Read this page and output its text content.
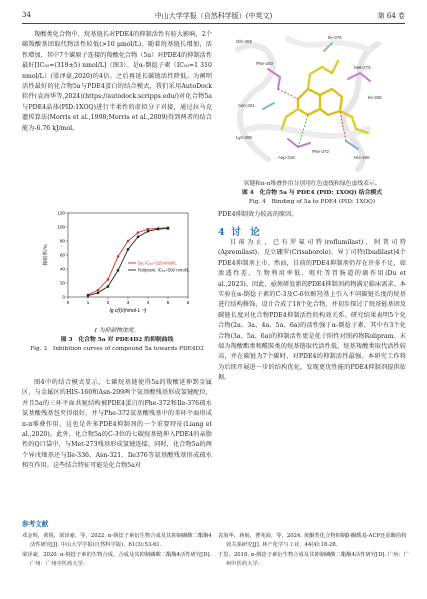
34	中山大学学报（自然科学版）(中英文)	第 64 卷

羧酸类化合物中，烷基链长对PDE4的抑制活性有较大影响，2个碳羧酸基团取代物活性较低(>10 μmol/L)，随着烷基链长增加，活性增加，其中7个碳原子连接的羧酸化合物（5a）对PDE4的抑制活性最好[IC₅₀=(319±5) nmol/L]（图3）。是α-倒捻子素（IC₅₀=1 310 nmol/L）(梁泽豪,2020)的4倍。之后再延长碳链活性降低。为阐明活性最好的化合物5a与PDE4蛋白的结合模式，我们采用AutoDock软件(袁海华等,2024)(https://autodock.scripps.edu/)对化合物5a与PDE4晶体(PID:1XOQ)进行半柔性的虚拟分子对接，通过拉马克遗传算法(Morris et al.,1998;Morris et al.,2009)得到两者的结合能为-6.76 kJ/mol。

0	1	2	3	4	5	6
0
20
40
60
80
100
120
lg c(I)/(nmol·L⁻¹)
抑制率/%	5a, IC₅₀=319 nmol/L
Rolipram, IC₅₀=590 nmol/L
I 为抑制物浓度。
图 3　化合物 5a 对 PDE4D2 的抑制曲线
Fig. 3　Inhibition curves of compound 5a towards PDE4D2

图4中的结合模式显示，七碳烷基链使得5a的羧酸延伸到金属区，与金属区的HIS-160和Asn-209两个氨基酸残基形成氢键配位，并且5a的三环平面共轭结构被PDE4蛋白的Phe-372和Ile-376疏水氨基酸残基包夹得很好，并与Phe-372氨基酸残基中的苯环平面形成π-π堆叠作用，这也是许多PDE4抑制剂的一个重要特征(Liang et al.,2020)。此外，化合物5a的C-3位的七碳烷基链伸入PDE4的亲脂性的Q口袋中，与Met-273残基形成氢键连接。同时，化合物5a的两个异戊烯基还与Ile-336、Asn-321、Ile376等氨基酸残基形成疏水相互作用。这些结合特征可能是化合物5a对

Gln-369
Phe-340
Met-273
Asn-321
His-160
Asp-318
Ile-336
Phe-372
Ile-376
Lys-209
氢键和π-π堆叠作用分别用红色虚线和绿色虚线表示。
图 4　化合物 5a 与 PDE4 (PID: 1XOQ) 结合模式
Fig. 4　Binding of 5a to PDE4 (PID: 1XOQ)

PDE4抑制效力较高的原因。

4 讨　论

目前为止，已有罗氟司特(roflumilast)、阿普司特(Apremilast)、克立硼罗(Crisaborole)、异丁司特(Ibudilast)4个PDE4抑制剂上市。然而，目前的PDE4抑制剂仍存在许多不足，如渗透性差、生物利用率低、呕吐等胃肠道的副作用(Du et al.,2023)。因此，亟须研发新的PDE4抑制剂药物满足临床需求。本实验在α-倒捻子素的C-3及C-6位酚羟基上引入不同碳链长度的烷基进行结构修饰，设计合成了18个化合物，并初步探讨了烷基链基团及碳链长度对化合物PDE4抑制活性的构效关系。研究结果表明5个化合物(2a、3a、4a、5a、6a)的活性强于α-倒捻子素，其中有3个化合物(3a、5a、6a)的抑制活性更是优于阳性对照药物Rolipram。末端为羧酸酯类和酰胺类的烷基链取代活性低，烷基羧酸类取代活性较高，并在碳链为7个碳时，对PDE4的抑制活性最强。本研究工作将为后续开展进一步的结构优化，发现更优性能的PDE4抑制剂提供依据。

参考文献
邓金辉，黄锐，梁泽豪，等，2022. α-倒捻子素衍生物合成及其抑制磷酸二酯酶4活性研究[J]. 中山大学学报(自然科学版)，61(3):53-61.
梁泽豪，2020. α-倒捻子素的生物合成、合成及其抑制磷酸二酯酶4活性研究[D]. 广州：广州中医药大学.
袁海华，蒋航，曹兆海，等，2024. 黄酮类化合物抑制β-酮酰基-ACP还原酶的构效关系研究[J]. 林产化学与工业，44(4):18-28.
于思，2018. α-倒捻子素衍生物合成及其抑制磷酸二酯酶4活性研究[D]. 广州：广州中医药大学.
